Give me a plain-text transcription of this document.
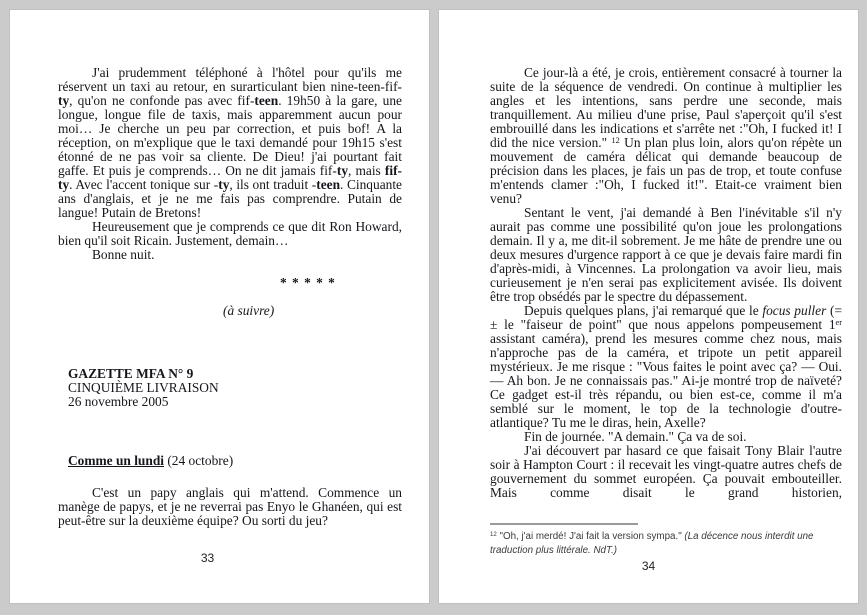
J'ai prudemment téléphoné à l'hôtel pour qu'ils me réservent un taxi au retour, en surarticulant bien nine-teen-fif-ty, qu'on ne confonde pas avec fif-teen. 19h50 à la gare, une longue, longue file de taxis, mais apparemment aucun pour moi… Je cherche un peu par correction, et puis bof! A la réception, on m'explique que le taxi demandé pour 19h15 s'est étonné de ne pas voir sa cliente. De Dieu! j'ai pourtant fait gaffe. Et puis je comprends… On ne dit jamais fif-ty, mais fif-ty. Avec l'accent tonique sur -ty, ils ont traduit -teen. Cinquante ans d'anglais, et je ne me fais pas comprendre. Putain de langue! Putain de Bretons!

Heureusement que je comprends ce que dit Ron Howard, bien qu'il soit Ricain. Justement, demain…

Bonne nuit.

* * * * *

(à suivre)

GAZETTE MFA N° 9

CINQUIÈME LIVRAISON

26 novembre 2005

Comme un lundi (24 octobre)

C'est un papy anglais qui m'attend. Commence un manège de papys, et je ne reverrai pas Enyo le Ghanéen, qui est peut-être sur la deuxième équipe? Ou sorti du jeu?

33

Ce jour-là a été, je crois, entièrement consacré à tourner la suite de la séquence de vendredi. On continue à multiplier les angles et les intentions, sans perdre une seconde, mais tranquillement. Au milieu d'une prise, Paul s'aperçoit qu'il s'est embrouillé dans les indications et s'arrête net :"Oh, I fucked it! I did the nice version." $^{12}$ Un plan plus loin, alors qu'on répète un mouvement de caméra délicat qui demande beaucoup de précision dans les places, je fais un pas de trop, et toute confuse m'entends clamer :"Oh, I fucked it!". Etait-ce vraiment bien venu?

Sentant le vent, j'ai demandé à Ben l'inévitable s'il n'y aurait pas comme une possibilité qu'on joue les prolongations demain. Il y a, me dit-il sobrement. Je me hâte de prendre une ou deux mesures d'urgence rapport à ce que je devais faire mardi fin d'après-midi, à Vincennes. La prolongation va avoir lieu, mais curieusement je n'en serai pas explicitement avisée. Ils doivent être trop obsédés par le spectre du dépassement.

Depuis quelques plans, j'ai remarqué que le focus puller (= ± le "faiseur de point" que nous appelons pompeusement 1er assistant caméra), prend les mesures comme chez nous, mais n'approche pas de la caméra, et tripote un petit appareil mystérieux. Je me risque : "Vous faites le point avec ça? — Oui. — Ah bon. Je ne connaissais pas." Ai-je montré trop de naïveté? Ce gadget est-il très répandu, ou bien est-ce, comme il m'a semblé sur le moment, le top de la technologie d'outre-atlantique? Tu me le diras, hein, Axelle?

Fin de journée. "A demain." Ça va de soi.

J'ai découvert par hasard ce que faisait Tony Blair l'autre soir à Hampton Court : il recevait les vingt-quatre autres chefs de gouvernement du sommet européen. Ça pouvait embouteiller. Mais comme disait le grand historien,

$^{12}$ "Oh, j'ai merdé! J'ai fait la version sympa." (La décence nous interdit une traduction plus littérale. NdT.)

34
